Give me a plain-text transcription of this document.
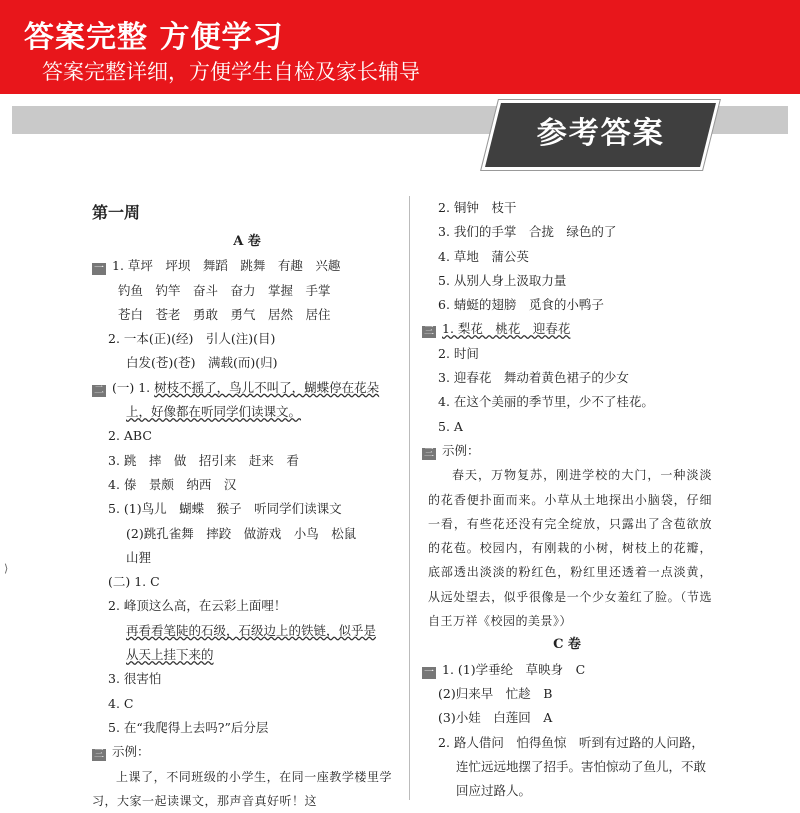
答案完整 方便学习
答案完整详细，方便学生自检及家长辅导
参考答案
⟩
第一周
A 卷
一 1. 草坪　坪坝　舞蹈　跳舞　有趣　兴趣
钓鱼　钓竿　奋斗　奋力　掌握　手掌
苍白　苍老　勇敢　勇气　居然　居住
2. 一本(正)(经)　引人(注)(目)
白发(苍)(苍)　满载(而)(归)
二 (一) 1. 树枝不摇了，鸟儿不叫了，蝴蝶停在花朵
上，好像都在听同学们读课文。
2. ABC
3. 跳　摔　做　招引来　赶来　看
4. 傣　景颇　纳西　汉
5. (1)鸟儿　蝴蝶　猴子　听同学们读课文
(2)跳孔雀舞　摔跤　做游戏　小鸟　松鼠
山狸
(二) 1. C
2. 峰顶这么高，在云彩上面哩！
再看看笔陡的石级，石级边上的铁链，似乎是
从天上挂下来的
3. 很害怕
4. C
5. 在“我爬得上去吗?”后分层
三 示例：
上课了，不同班级的小学生，在同一座教学楼里学习，大家一起读课文，那声音真好听！这
2. 铜钟　枝干
3. 我们的手掌　合拢　绿色的了
4. 草地　蒲公英
5. 从别人身上汲取力量
6. 蜻蜓的翅膀　觅食的小鸭子
三 1. 梨花　桃花　迎春花
2. 时间
3. 迎春花　舞动着黄色裙子的少女
4. 在这个美丽的季节里，少不了桂花。
5. A
三 示例：
春天，万物复苏，刚进学校的大门，一种淡淡的花香便扑面而来。小草从土地探出小脑袋，仔细一看，有些花还没有完全绽放，只露出了含苞欲放的花苞。校园内，有刚栽的小树，树枝上的花瓣，底部透出淡淡的粉红色，粉红里还透着一点淡黄，从远处望去，似乎很像是一个少女羞红了脸。（节选自王万祥《校园的美景》）
C 卷
一 1. (1)学垂纶　草映身　C
(2)归来早　忙趁　B
(3)小娃　白莲回　A
2. 路人借问　怕得鱼惊　听到有过路的人问路，
连忙远远地摆了招手。害怕惊动了鱼儿，不敢
回应过路人。
